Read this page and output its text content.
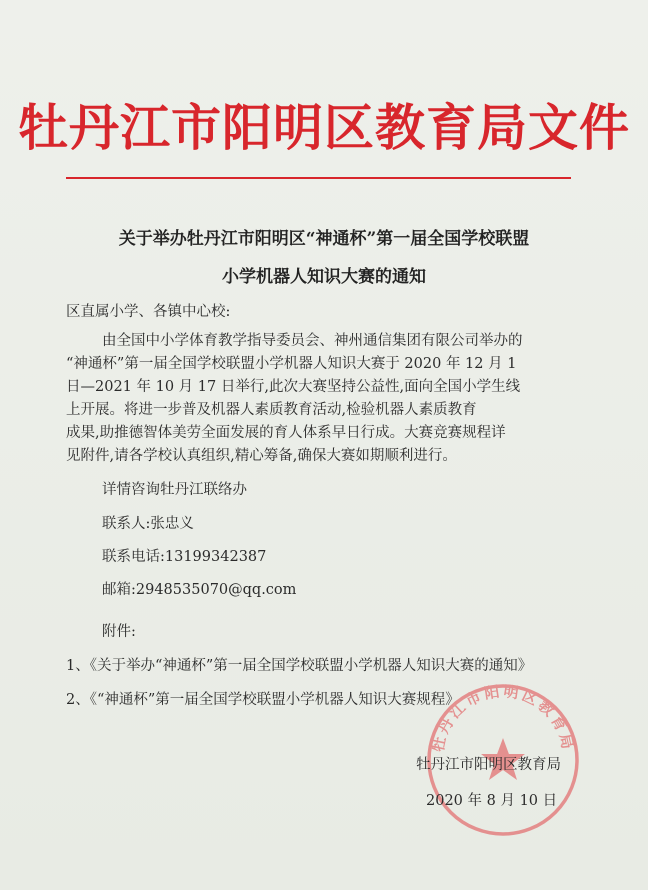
牡丹江市阳明区教育局文件
关于举办牡丹江市阳明区“神通杯”第一届全国学校联盟
小学机器人知识大赛的通知
区直属小学、各镇中心校:
由全国中小学体育教学指导委员会、神州通信集团有限公司举办的
“神通杯”第一届全国学校联盟小学机器人知识大赛于 2020 年 12 月 1
日—2021 年 10 月 17 日举行,此次大赛坚持公益性,面向全国小学生线
上开展。将进一步普及机器人素质教育活动,检验机器人素质教育
成果,助推德智体美劳全面发展的育人体系早日行成。大赛竞赛规程详
见附件,请各学校认真组织,精心筹备,确保大赛如期顺利进行。
详情咨询牡丹江联络办
联系人:张忠义
联系电话:13199342387
邮箱:2948535070@qq.com
附件:
1、《关于举办“神通杯”第一届全国学校联盟小学机器人知识大赛的通知》
2、《“神通杯”第一届全国学校联盟小学机器人知识大赛规程》
牡丹江市阳明区教育局
牡丹江市阳明区教育局
2020 年 8 月 10 日
